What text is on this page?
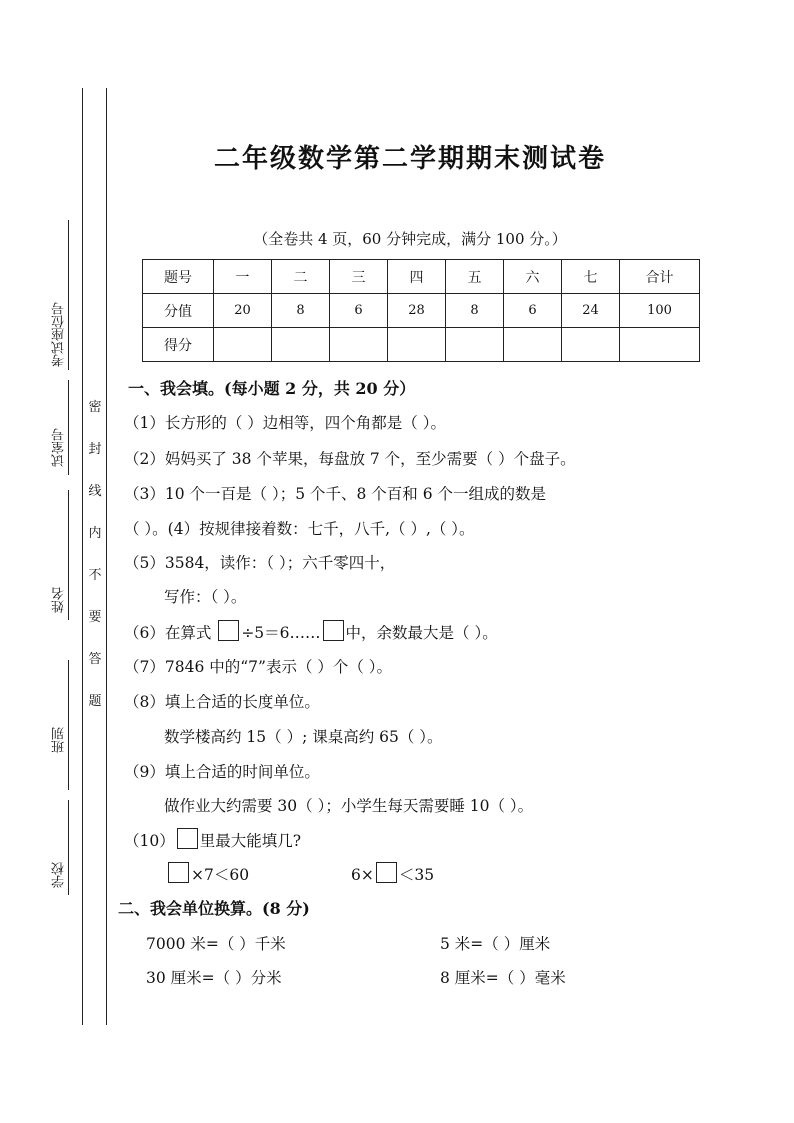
考试座位号
试室号
姓名
班别
学校
密
封
线
内
不
要
答
题
二年级数学第二学期期末测试卷
（全卷共 4 页，60 分钟完成，满分 100 分。）
题号	一	二	三	四	五	六	七	合计
分值	20	8	6	28	8	6	24	100
得分								
一、我会填。(每小题 2 分，共 20 分）
（1）长方形的（ ）边相等，四个角都是（ ）。
（2）妈妈买了 38 个苹果，每盘放 7 个，至少需要（ ）个盘子。
（3）10 个一百是（ ）；5 个千、8 个百和 6 个一组成的数是
（ ）。(4）按规律接着数：七千，八千,（ ）,（ ）。
（5）3584，读作：（ ）；六千零四十，
写作：（ ）。
（6）在算式 ÷5＝6…… 中，余数最大是（ ）。
（7）7846 中的“7”表示（ ）个（ ）。
（8）填上合适的长度单位。
数学楼高约 15（ ）; 课桌高约 65（ ）。
（9）填上合适的时间单位。
做作业大约需要 30（ ）；小学生每天需要睡 10（ ）。
（10） 里最大能填几?
×7＜60	6× ＜35
二、我会单位换算。(8 分)
7000 米=（ ）千米	5 米=（ ）厘米
30 厘米=（ ）分米	8 厘米=（ ）毫米
